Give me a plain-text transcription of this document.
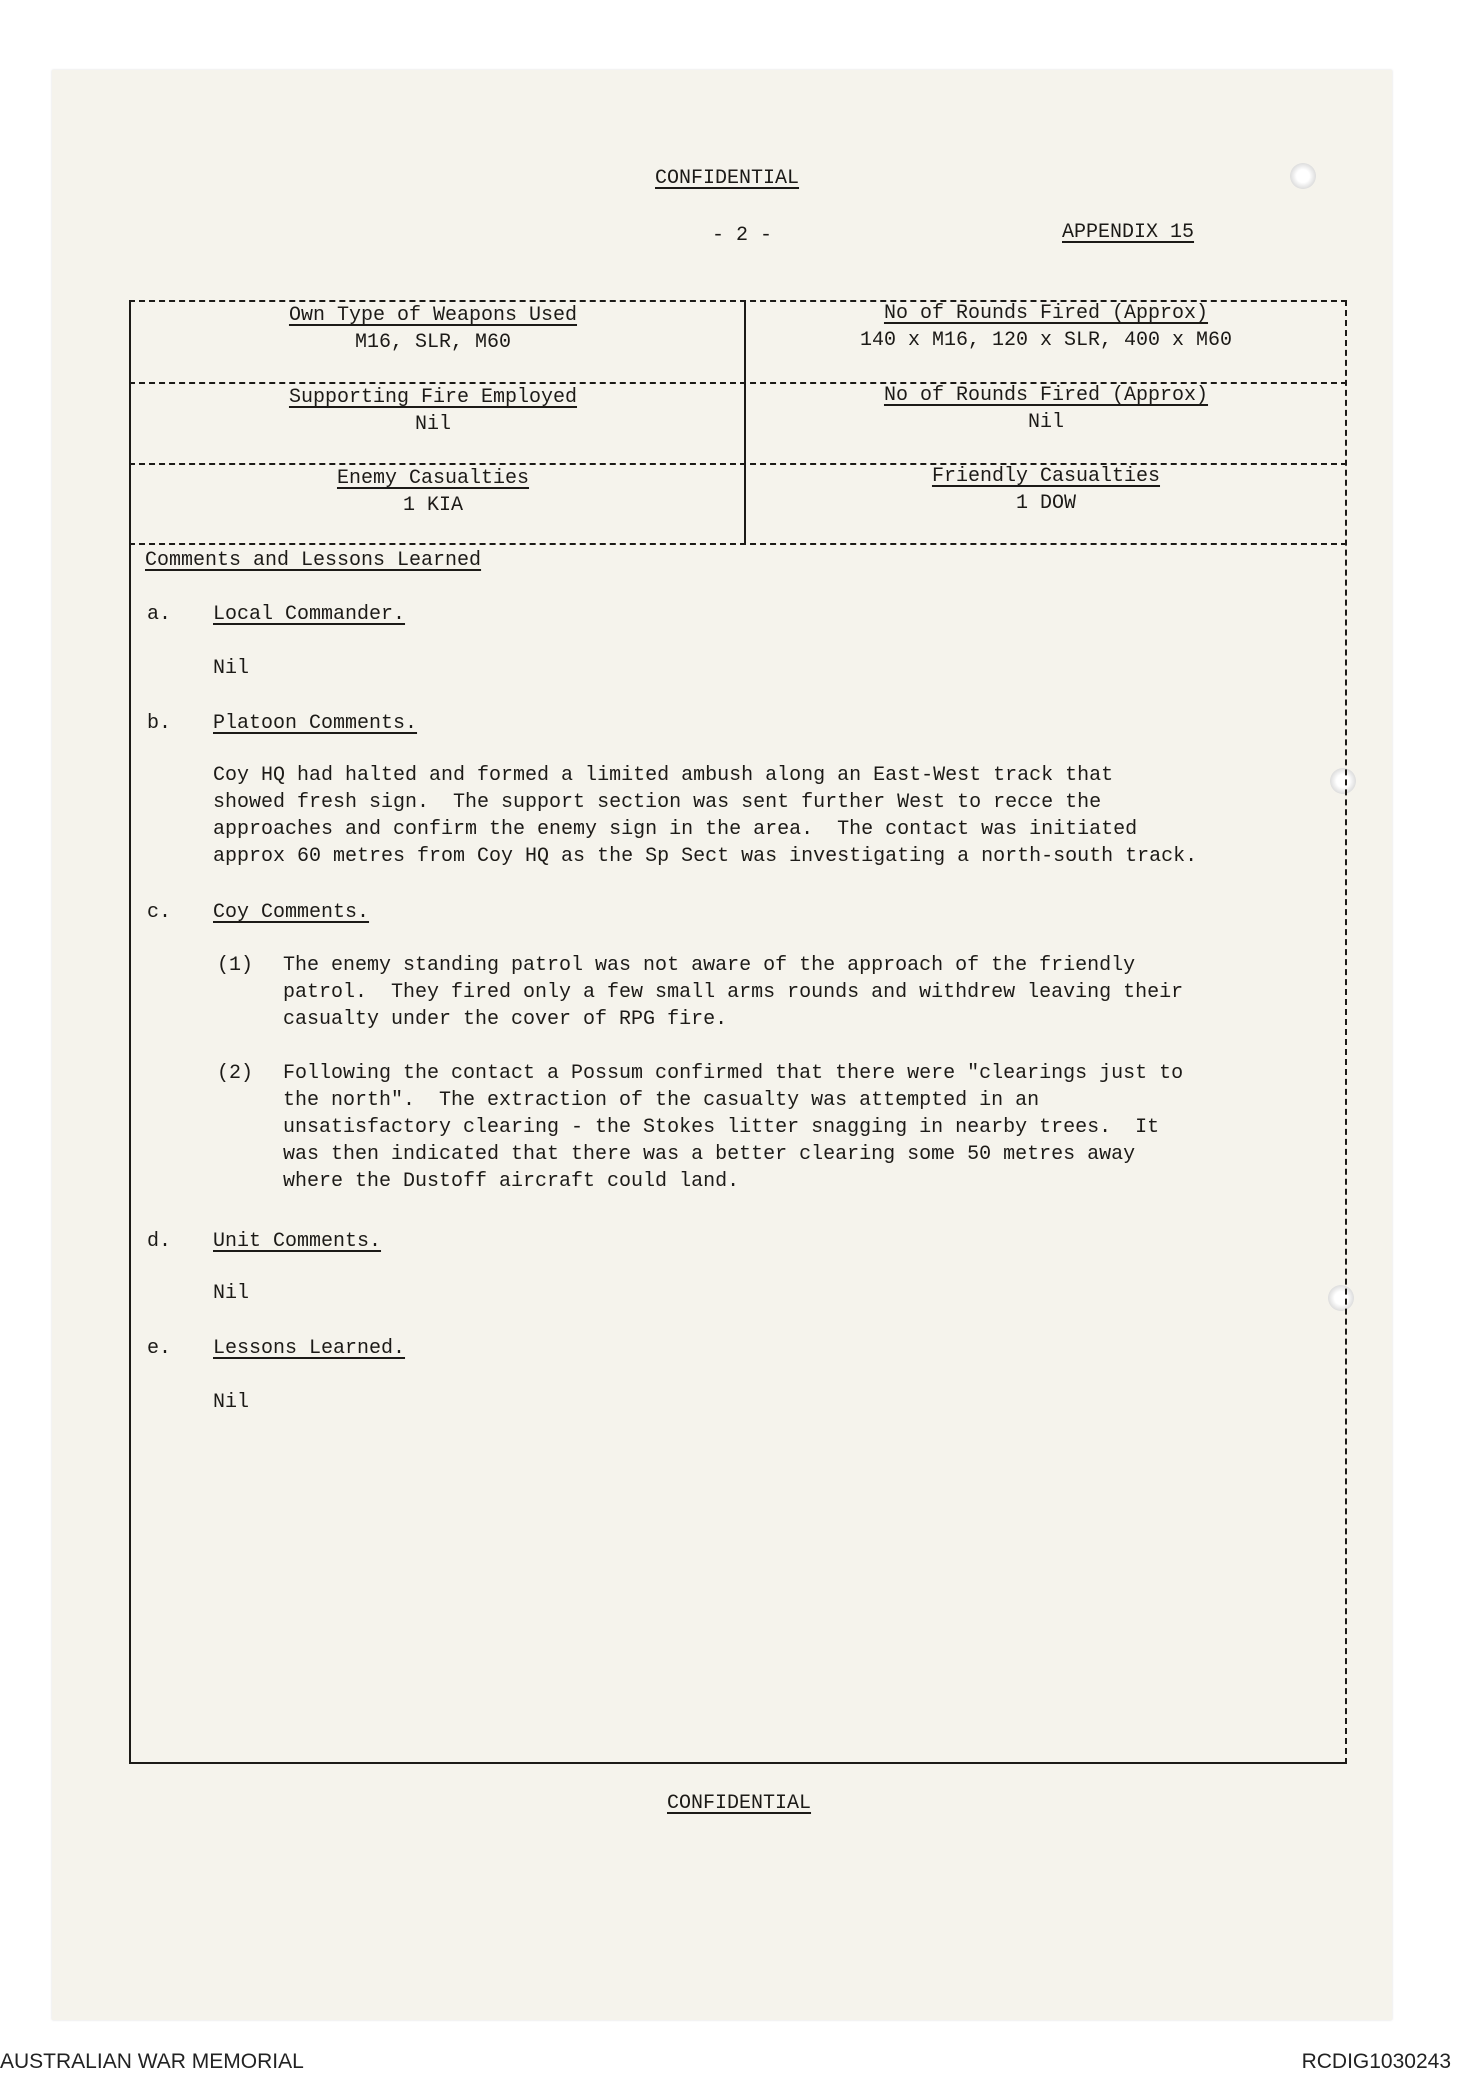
CONFIDENTIAL
- 2 -	APPENDIX 15
Own Type of Weapons Used
M16, SLR, M60
No of Rounds Fired (Approx)
140 x M16, 120 x SLR, 400 x M60
Supporting Fire Employed
Nil
No of Rounds Fired (Approx)
Nil
Enemy Casualties
1 KIA
Friendly Casualties
1 DOW
Comments and Lessons Learned
a. Local Commander.
Nil
b. Platoon Comments.
Coy HQ had halted and formed a limited ambush along an East-West track that
showed fresh sign.  The support section was sent further West to recce the
approaches and confirm the enemy sign in the area.  The contact was initiated
approx 60 metres from Coy HQ as the Sp Sect was investigating a north-south track.
c. Coy Comments.
(1) The enemy standing patrol was not aware of the approach of the friendly
patrol.  They fired only a few small arms rounds and withdrew leaving their
casualty under the cover of RPG fire.
(2) Following the contact a Possum confirmed that there were "clearings just to
the north".  The extraction of the casualty was attempted in an
unsatisfactory clearing - the Stokes litter snagging in nearby trees.  It
was then indicated that there was a better clearing some 50 metres away
where the Dustoff aircraft could land.
d. Unit Comments.
Nil
e. Lessons Learned.
Nil
CONFIDENTIAL
AUSTRALIAN WAR MEMORIAL	RCDIG1030243
